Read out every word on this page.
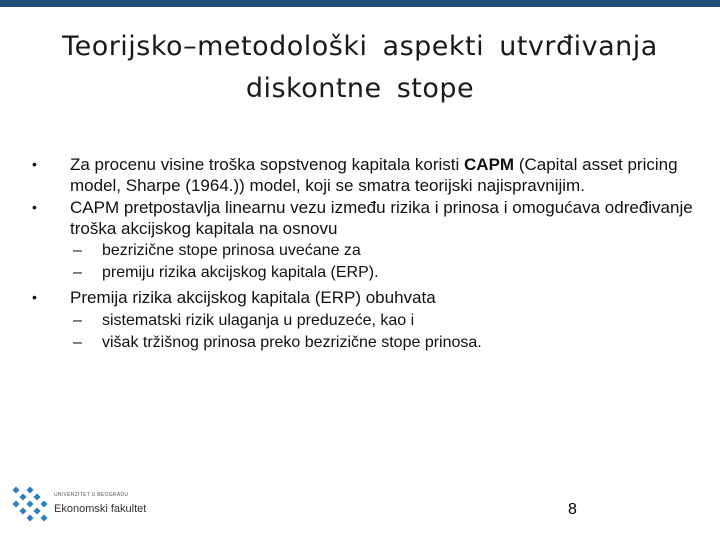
Teorijsko–metodološki aspekti utvrđivanja
diskontne stope
• Za procenu visine troška sopstvenog kapitala koristi CAPM (Capital asset pricing model, Sharpe (1964.)) model, koji se smatra teorijski najispravnijim.
• CAPM pretpostavlja linearnu vezu između rizika i prinosa i omogućava određivanje troška akcijskog kapitala na osnovu
– bezrizične stope prinosa uvećane za
– premiju rizika akcijskog kapitala (ERP).
• Premija rizika akcijskog kapitala (ERP) obuhvata
– sistematski rizik ulaganja u preduzeće, kao i
– višak tržišnog prinosa preko bezrizične stope prinosa.
UNIVERZITET U BEOGRADU
Ekonomski fakultet	8
